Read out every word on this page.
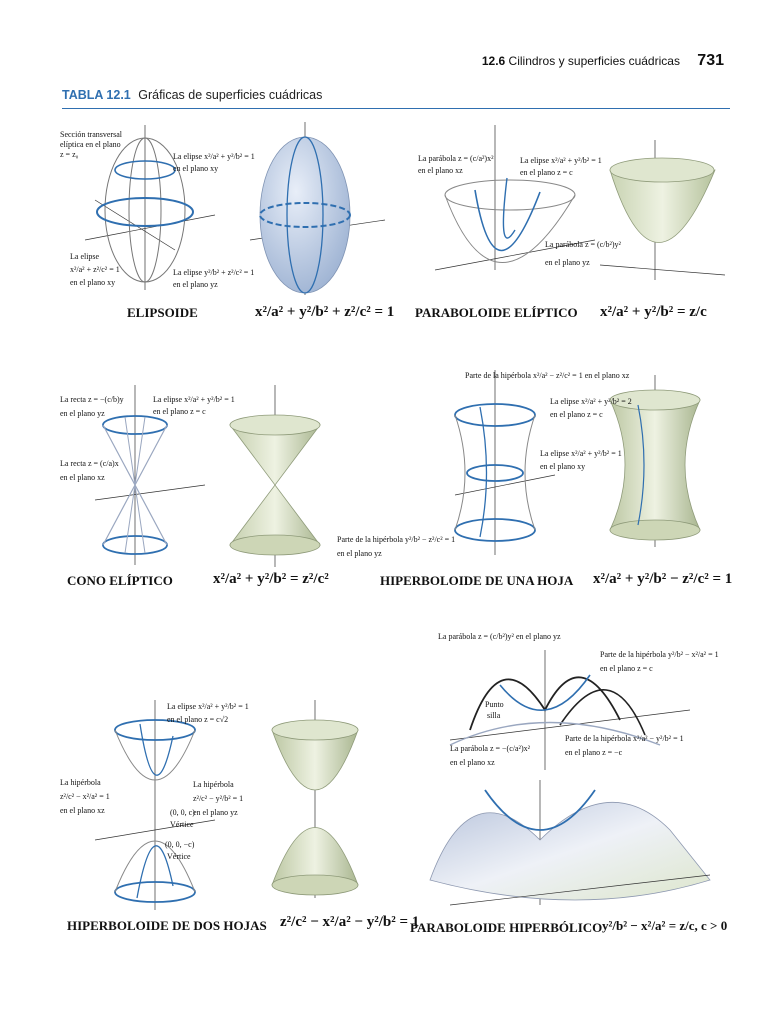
12.6 Cilindros y superficies cuádricas 731
TABLA 12.1 Gráficas de superficies cuádricas
Sección transversal
elíptica en el plano
z = z₀	La elipse x²/a² + y²/b² = 1
en el plano xy
La elipse
x²/a² + z²/c² = 1
en el plano xy
La elipse y²/b² + z²/c² = 1
en el plano yz
ELIPSOIDE	x²/a² + y²/b² + z²/c² = 1
La parábola z = (c/a²)x²
en el plano xz
La elipse x²/a² + y²/b² = 1
en el plano z = c
La parábola z = (c/b²)y²
en el plano yz
PARABOLOIDE ELÍPTICO x²/a² + y²/b² = z/c
La recta z = −(c/b)y
en el plano yz
La elipse x²/a² + y²/b² = 1
en el plano z = c
La recta z = (c/a)x
en el plano xz
CONO ELÍPTICO	x²/a² + y²/b² = z²/c²
Parte de la hipérbola x²/a² − z²/c² = 1 en el plano xz
La elipse x²/a² + y²/b² = 2
en el plano z = c
La elipse x²/a² + y²/b² = 1
en el plano xy
Parte de la hipérbola y²/b² − z²/c² = 1
en el plano yz
HIPERBOLOIDE DE UNA HOJA x²/a² + y²/b² − z²/c² = 1
La elipse x²/a² + y²/b² = 1
en el plano z = c√2
La hipérbola
z²/c² − x²/a² = 1
en el plano xz
La hipérbola
z²/c² − y²/b² = 1
en el plano yz
(0, 0, c)
Vértice
(0, 0, −c)
Vértice
HIPERBOLOIDE DE DOS HOJAS z²/c² − x²/a² − y²/b² = 1
La parábola z = (c/b²)y² en el plano yz
Parte de la hipérbola y²/b² − x²/a² = 1
en el plano z = c
Punto
silla
La parábola z = −(c/a²)x²
en el plano xz
Parte de la hipérbola x²/a² − y²/b² = 1
en el plano z = −c
PARABOLOIDE HIPERBÓLICO y²/b² − x²/a² = z/c, c > 0
